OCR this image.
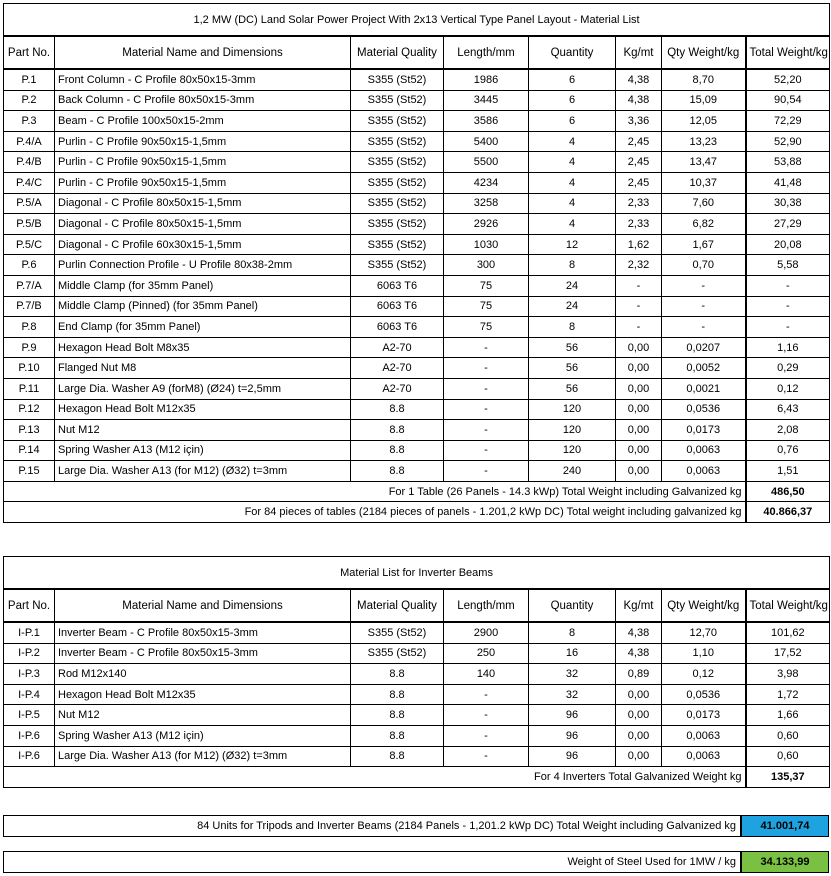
1,2 MW (DC) Land Solar Power Project With 2x13 Vertical Type Panel Layout - Material List							
Part No.	Material Name and Dimensions	Material Quality	Length/mm	Quantity	Kg/mt	Qty Weight/kg	Total Weight/kg
P.1	Front Column - C Profile 80x50x15-3mm	S355 (St52)	1986	6	4,38	8,70	52,20
P.2	Back Column - C Profile 80x50x15-3mm	S355 (St52)	3445	6	4,38	15,09	90,54
P.3	Beam - C Profile 100x50x15-2mm	S355 (St52)	3586	6	3,36	12,05	72,29
P.4/A	Purlin - C Profile 90x50x15-1,5mm	S355 (St52)	5400	4	2,45	13,23	52,90
P.4/B	Purlin - C Profile 90x50x15-1,5mm	S355 (St52)	5500	4	2,45	13,47	53,88
P.4/C	Purlin - C Profile 90x50x15-1,5mm	S355 (St52)	4234	4	2,45	10,37	41,48
P.5/A	Diagonal - C Profile 80x50x15-1,5mm	S355 (St52)	3258	4	2,33	7,60	30,38
P.5/B	Diagonal - C Profile 80x50x15-1,5mm	S355 (St52)	2926	4	2,33	6,82	27,29
P.5/C	Diagonal - C Profile 60x30x15-1,5mm	S355 (St52)	1030	12	1,62	1,67	20,08
P.6	Purlin Connection Profile - U Profile 80x38-2mm	S355 (St52)	300	8	2,32	0,70	5,58
P.7/A	Middle Clamp (for 35mm Panel)	6063 T6	75	24	-	-	-
P.7/B	Middle Clamp (Pinned) (for 35mm Panel)	6063 T6	75	24	-	-	-
P.8	End Clamp (for 35mm Panel)	6063 T6	75	8	-	-	-
P.9	Hexagon Head Bolt M8x35	A2-70	-	56	0,00	0,0207	1,16
P.10	Flanged Nut M8	A2-70	-	56	0,00	0,0052	0,29
P.11	Large Dia. Washer A9 (forM8) (Ø24) t=2,5mm	A2-70	-	56	0,00	0,0021	0,12
P.12	Hexagon Head Bolt M12x35	8.8	-	120	0,00	0,0536	6,43
P.13	Nut M12	8.8	-	120	0,00	0,0173	2,08
P.14	Spring Washer A13 (M12 için)	8.8	-	120	0,00	0,0063	0,76
P.15	Large Dia. Washer A13 (for M12) (Ø32) t=3mm	8.8	-	240	0,00	0,0063	1,51
For 1 Table (26 Panels - 14.3 kWp) Total Weight including Galvanized kg							486,50
For 84 pieces of tables (2184 pieces of panels - 1.201,2 kWp DC) Total weight including galvanized kg							40.866,37
Material List for Inverter Beams							
Part No.	Material Name and Dimensions	Material Quality	Length/mm	Quantity	Kg/mt	Qty Weight/kg	Total Weight/kg
I-P.1	Inverter Beam - C Profile 80x50x15-3mm	S355 (St52)	2900	8	4,38	12,70	101,62
I-P.2	Inverter Beam - C Profile 80x50x15-3mm	S355 (St52)	250	16	4,38	1,10	17,52
I-P.3	Rod M12x140	8.8	140	32	0,89	0,12	3,98
I-P.4	Hexagon Head Bolt M12x35	8.8	-	32	0,00	0,0536	1,72
I-P.5	Nut M12	8.8	-	96	0,00	0,0173	1,66
I-P.6	Spring Washer A13 (M12 için)	8.8	-	96	0,00	0,0063	0,60
I-P.6	Large Dia. Washer A13 (for M12) (Ø32) t=3mm	8.8	-	96	0,00	0,0063	0,60
For 4 Inverters Total Galvanized Weight kg							135,37
84 Units for Tripods and Inverter Beams (2184 Panels - 1,201.2 kWp DC) Total Weight including Galvanized kg	41.001,74
Weight of Steel Used for 1MW / kg	34.133,99
